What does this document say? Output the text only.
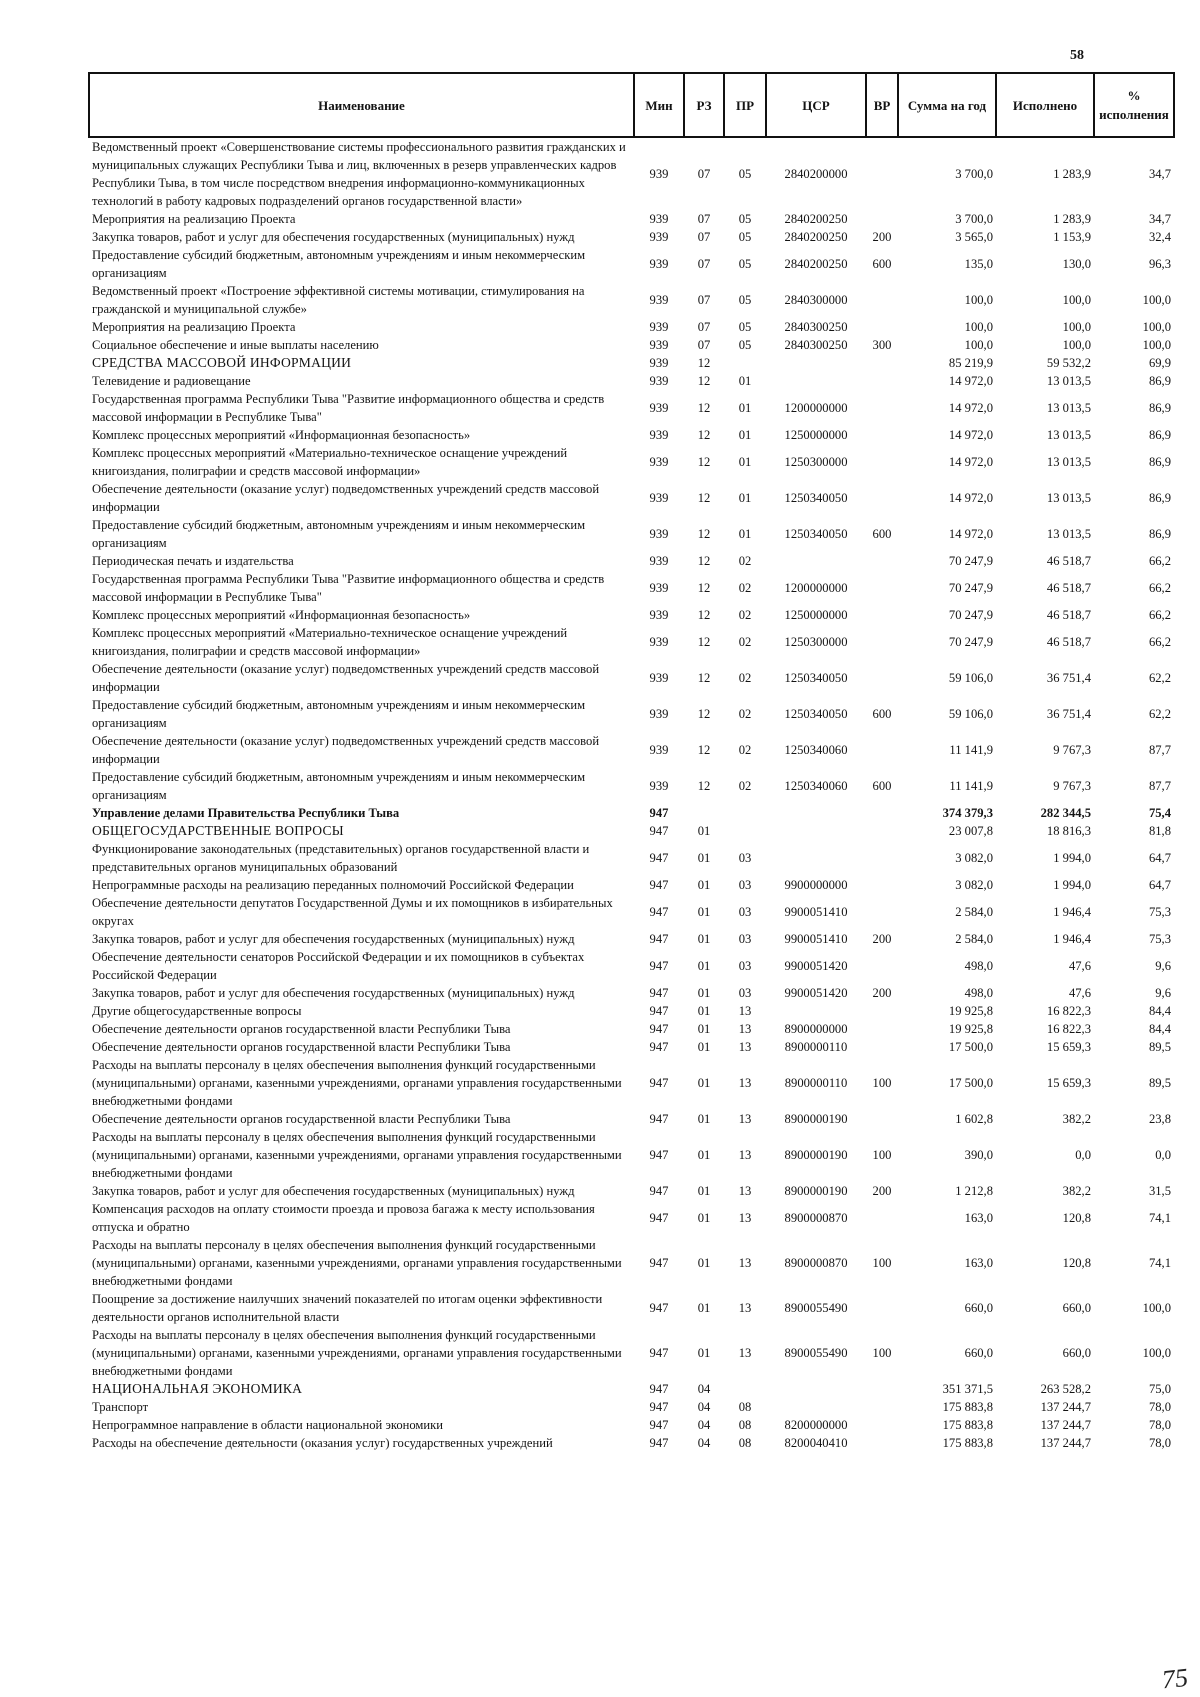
58
Наименование	Мин	РЗ	ПР	ЦСР	ВР	Сумма на год	Исполнено	% исполнения
Ведомственный проект «Совершенствование системы профессионального развития гражданских и муниципальных служащих Республики Тыва и лиц, включенных в резерв управленческих кадров Республики Тыва, в том числе посредством внедрения информационно-коммуникационных технологий в работу кадровых подразделений органов государственной власти»	939	07	05	2840200000		3 700,0	1 283,9	34,7
Мероприятия на реализацию Проекта	939	07	05	2840200250		3 700,0	1 283,9	34,7
Закупка товаров, работ и услуг для обеспечения государственных (муниципальных) нужд	939	07	05	2840200250	200	3 565,0	1 153,9	32,4
Предоставление субсидий бюджетным, автономным учреждениям и иным некоммерческим организациям	939	07	05	2840200250	600	135,0	130,0	96,3
Ведомственный проект «Построение эффективной системы мотивации, стимулирования на гражданской и муниципальной службе»	939	07	05	2840300000		100,0	100,0	100,0
Мероприятия на реализацию Проекта	939	07	05	2840300250		100,0	100,0	100,0
Социальное обеспечение и иные выплаты населению	939	07	05	2840300250	300	100,0	100,0	100,0
СРЕДСТВА МАССОВОЙ ИНФОРМАЦИИ	939	12				85 219,9	59 532,2	69,9
Телевидение и радиовещание	939	12	01			14 972,0	13 013,5	86,9
Государственная программа Республики Тыва "Развитие информационного общества и средств массовой информации в Республике Тыва"	939	12	01	1200000000		14 972,0	13 013,5	86,9
Комплекс процессных мероприятий «Информационная безопасность»	939	12	01	1250000000		14 972,0	13 013,5	86,9
Комплекс процессных мероприятий «Материально-техническое оснащение учреждений книгоиздания, полиграфии и средств массовой информации»	939	12	01	1250300000		14 972,0	13 013,5	86,9
Обеспечение деятельности (оказание услуг) подведомственных учреждений средств массовой информации	939	12	01	1250340050		14 972,0	13 013,5	86,9
Предоставление субсидий бюджетным, автономным учреждениям и иным некоммерческим организациям	939	12	01	1250340050	600	14 972,0	13 013,5	86,9
Периодическая печать и издательства	939	12	02			70 247,9	46 518,7	66,2
Государственная программа Республики Тыва "Развитие информационного общества и средств массовой информации в Республике Тыва"	939	12	02	1200000000		70 247,9	46 518,7	66,2
Комплекс процессных мероприятий «Информационная безопасность»	939	12	02	1250000000		70 247,9	46 518,7	66,2
Комплекс процессных мероприятий «Материально-техническое оснащение учреждений книгоиздания, полиграфии и средств массовой информации»	939	12	02	1250300000		70 247,9	46 518,7	66,2
Обеспечение деятельности (оказание услуг) подведомственных учреждений средств массовой информации	939	12	02	1250340050		59 106,0	36 751,4	62,2
Предоставление субсидий бюджетным, автономным учреждениям и иным некоммерческим организациям	939	12	02	1250340050	600	59 106,0	36 751,4	62,2
Обеспечение деятельности (оказание услуг) подведомственных учреждений средств массовой информации	939	12	02	1250340060		11 141,9	9 767,3	87,7
Предоставление субсидий бюджетным, автономным учреждениям и иным некоммерческим организациям	939	12	02	1250340060	600	11 141,9	9 767,3	87,7
Управление делами Правительства Республики Тыва	947					374 379,3	282 344,5	75,4
ОБЩЕГОСУДАРСТВЕННЫЕ ВОПРОСЫ	947	01				23 007,8	18 816,3	81,8
Функционирование законодательных (представительных) органов государственной власти и представительных органов муниципальных образований	947	01	03			3 082,0	1 994,0	64,7
Непрограммные расходы на реализацию переданных полномочий Российской Федерации	947	01	03	9900000000		3 082,0	1 994,0	64,7
Обеспечение деятельности депутатов Государственной Думы и их помощников в избирательных округах	947	01	03	9900051410		2 584,0	1 946,4	75,3
Закупка товаров, работ и услуг для обеспечения государственных (муниципальных) нужд	947	01	03	9900051410	200	2 584,0	1 946,4	75,3
Обеспечение деятельности сенаторов Российской Федерации и их помощников в субъектах Российской Федерации	947	01	03	9900051420		498,0	47,6	9,6
Закупка товаров, работ и услуг для обеспечения государственных (муниципальных) нужд	947	01	03	9900051420	200	498,0	47,6	9,6
Другие общегосударственные вопросы	947	01	13			19 925,8	16 822,3	84,4
Обеспечение деятельности органов государственной власти Республики Тыва	947	01	13	8900000000		19 925,8	16 822,3	84,4
Обеспечение деятельности органов государственной власти Республики Тыва	947	01	13	8900000110		17 500,0	15 659,3	89,5
Расходы на выплаты персоналу в целях обеспечения выполнения функций государственными (муниципальными) органами, казенными учреждениями, органами управления государственными внебюджетными фондами	947	01	13	8900000110	100	17 500,0	15 659,3	89,5
Обеспечение деятельности органов государственной власти Республики Тыва	947	01	13	8900000190		1 602,8	382,2	23,8
Расходы на выплаты персоналу в целях обеспечения выполнения функций государственными (муниципальными) органами, казенными учреждениями, органами управления государственными внебюджетными фондами	947	01	13	8900000190	100	390,0	0,0	0,0
Закупка товаров, работ и услуг для обеспечения государственных (муниципальных) нужд	947	01	13	8900000190	200	1 212,8	382,2	31,5
Компенсация расходов на оплату стоимости проезда и провоза багажа к месту использования отпуска и обратно	947	01	13	8900000870		163,0	120,8	74,1
Расходы на выплаты персоналу в целях обеспечения выполнения функций государственными (муниципальными) органами, казенными учреждениями, органами управления государственными внебюджетными фондами	947	01	13	8900000870	100	163,0	120,8	74,1
Поощрение за достижение наилучших значений показателей по итогам оценки эффективности деятельности органов исполнительной власти	947	01	13	8900055490		660,0	660,0	100,0
Расходы на выплаты персоналу в целях обеспечения выполнения функций государственными (муниципальными) органами, казенными учреждениями, органами управления государственными внебюджетными фондами	947	01	13	8900055490	100	660,0	660,0	100,0
НАЦИОНАЛЬНАЯ ЭКОНОМИКА	947	04				351 371,5	263 528,2	75,0
Транспорт	947	04	08			175 883,8	137 244,7	78,0
Непрограммное направление в области национальной экономики	947	04	08	8200000000		175 883,8	137 244,7	78,0
Расходы на обеспечение деятельности (оказания услуг) государственных учреждений	947	04	08	8200040410		175 883,8	137 244,7	78,0
75
